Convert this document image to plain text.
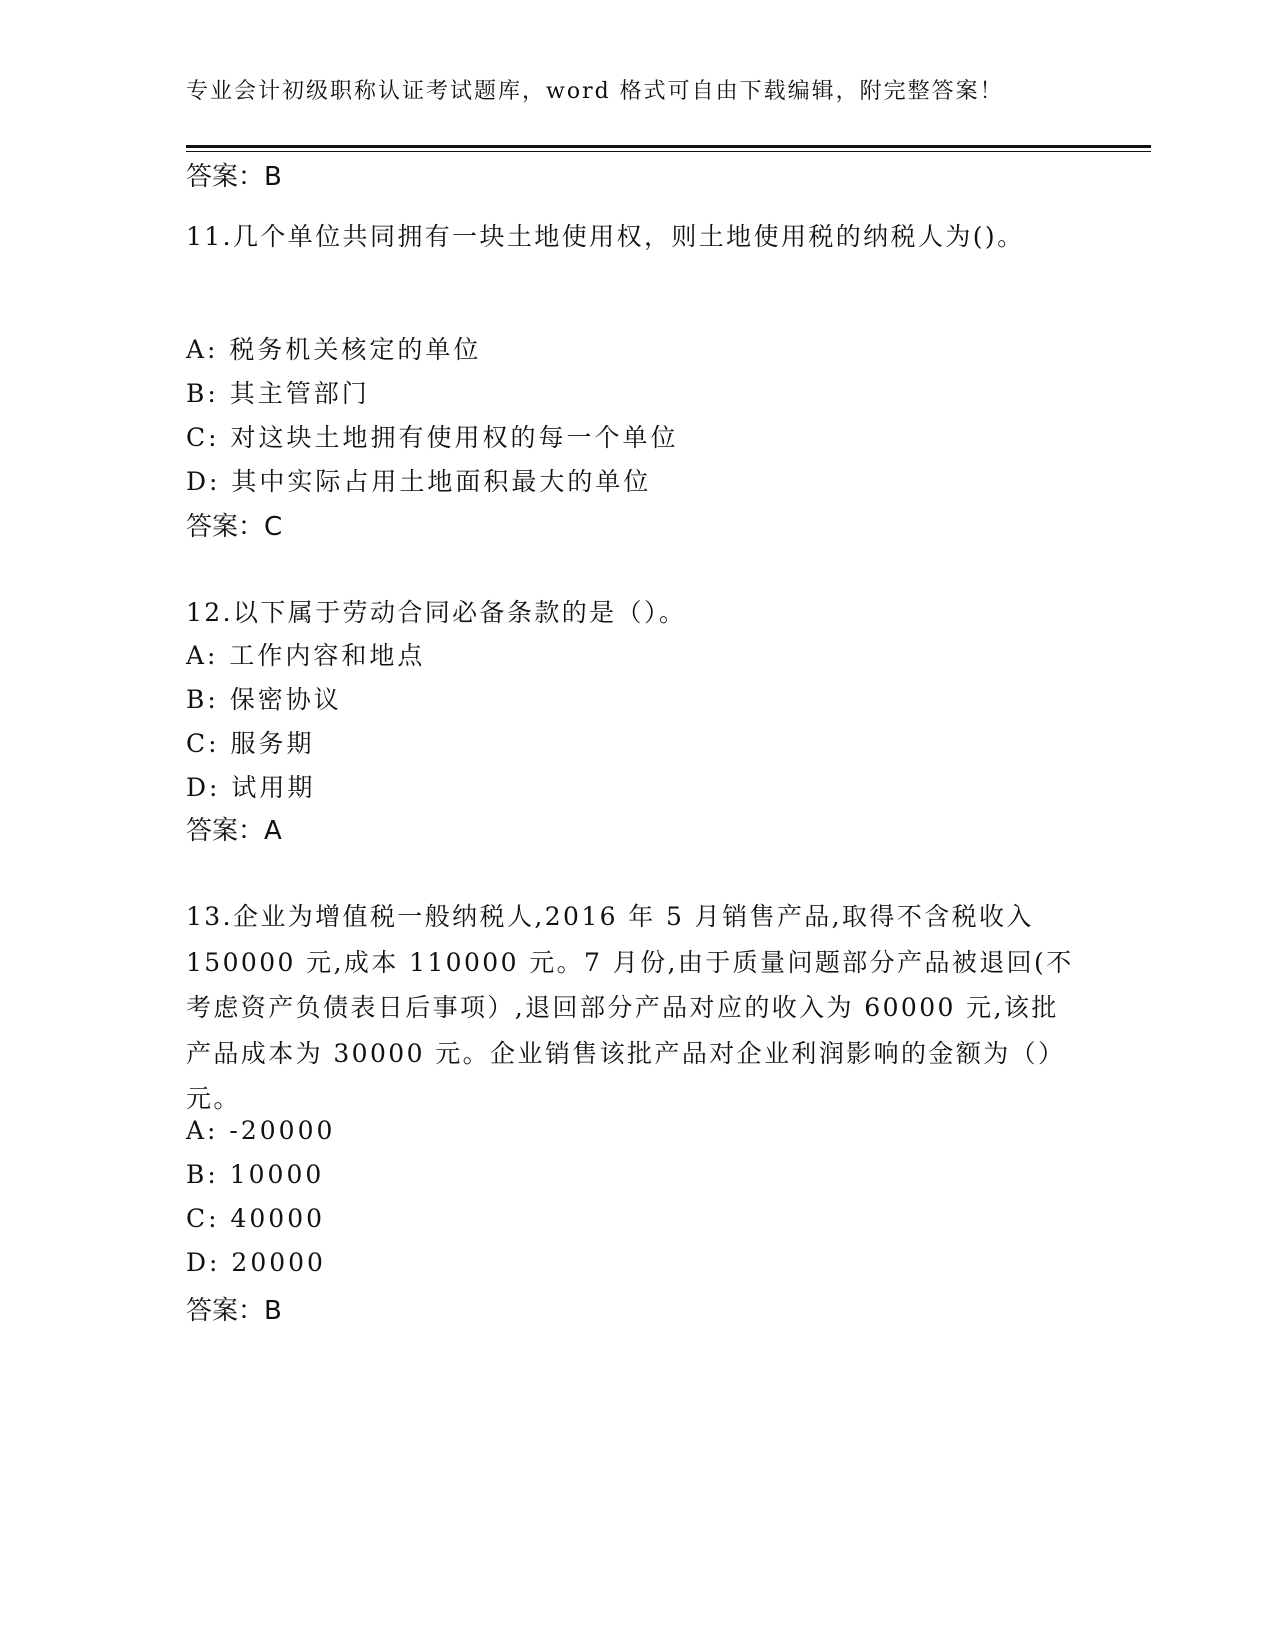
专业会计初级职称认证考试题库，word 格式可自由下载编辑，附完整答案！
答案：B
11.几个单位共同拥有一块土地使用权，则土地使用税的纳税人为()。
A: 税务机关核定的单位
B: 其主管部门
C: 对这块土地拥有使用权的每一个单位
D: 其中实际占用土地面积最大的单位
答案：C
12.以下属于劳动合同必备条款的是（）。
A: 工作内容和地点
B: 保密协议
C: 服务期
D: 试用期
答案：A
13.企业为增值税一般纳税人,2016 年 5 月销售产品,取得不含税收入 150000 元,成本 110000 元。7 月份,由于质量问题部分产品被退回(不考虑资产负债表日后事项）,退回部分产品对应的收入为 60000 元,该批产品成本为 30000 元。企业销售该批产品对企业利润影响的金额为（）元。
A: -20000
B: 10000
C: 40000
D: 20000
答案：B
